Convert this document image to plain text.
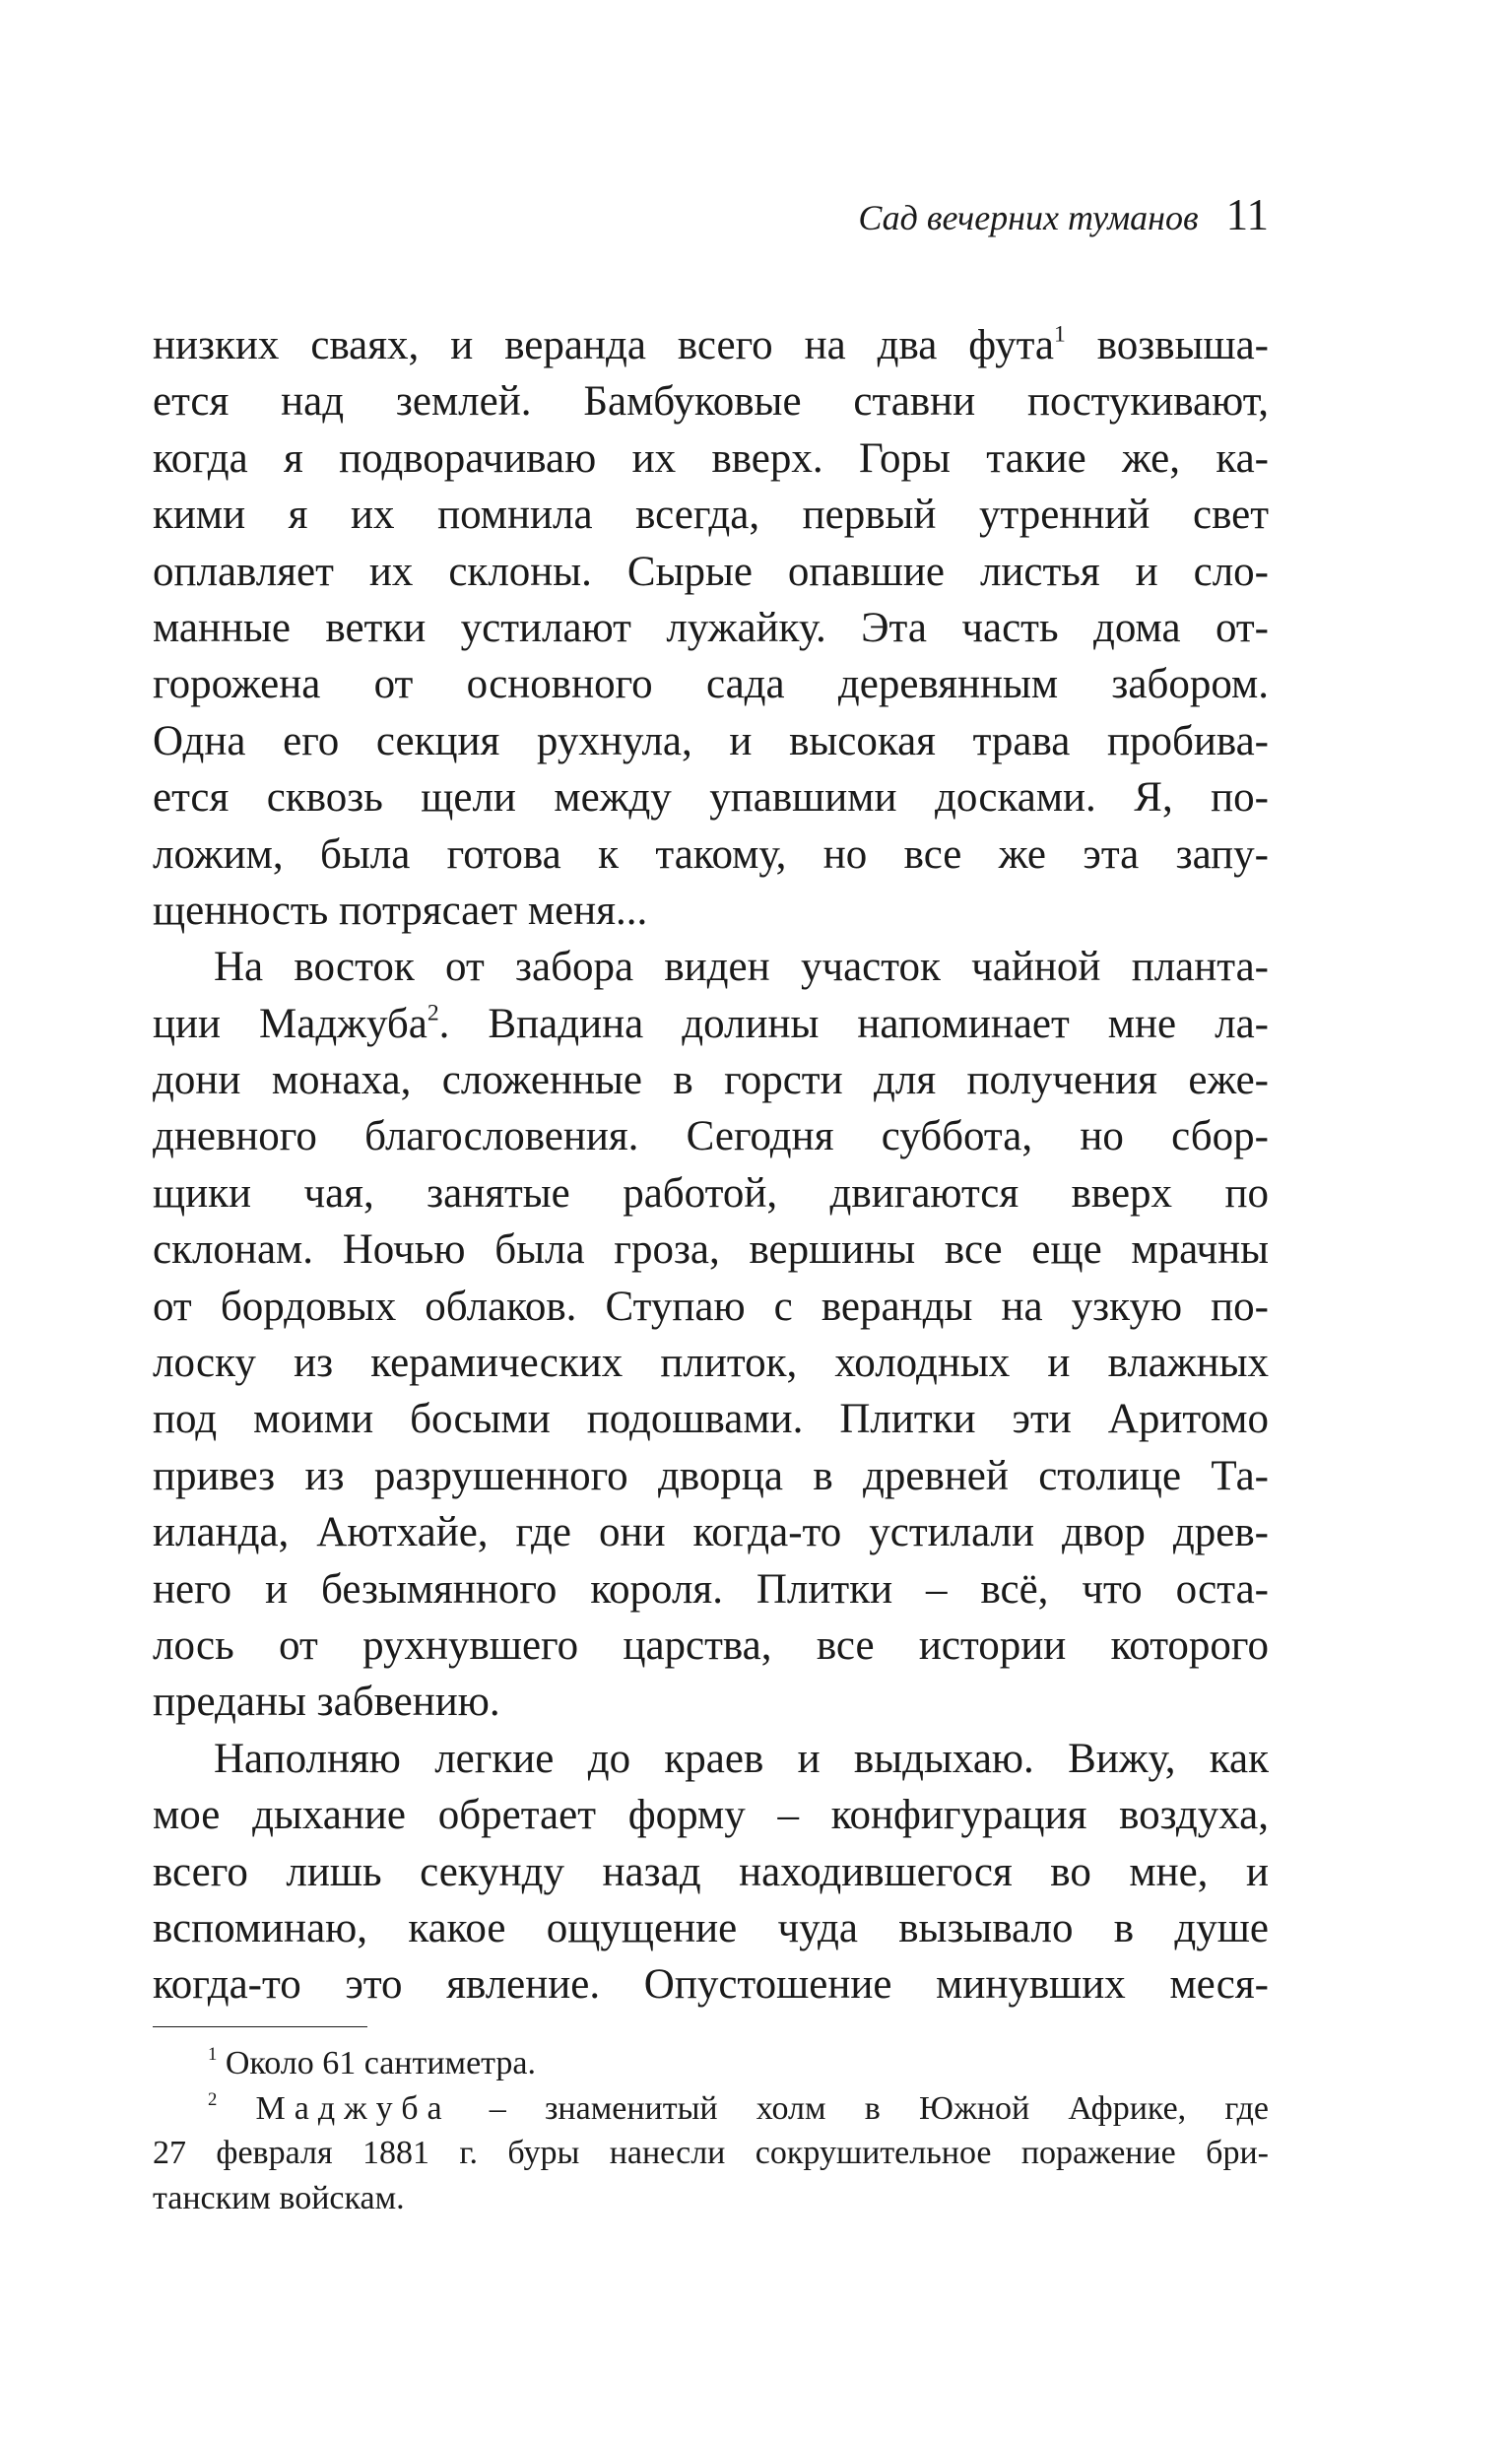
Сад вечерних туманов 11
низких сваях, и веранда всего на два фута$^1$ возвыша-
ется над землей. Бамбуковые ставни постукивают,
когда я подворачиваю их вверх. Горы такие же, ка-
кими я их помнила всегда, первый утренний свет
оплавляет их склоны. Сырые опавшие листья и сло-
манные ветки устилают лужайку. Эта часть дома от-
горожена от основного сада деревянным забором.
Одна его секция рухнула, и высокая трава пробива-
ется сквозь щели между упавшими досками. Я, по-
ложим, была готова к такому, но все же эта запу-
щенность потрясает меня...
На восток от забора виден участок чайной планта-
ции Маджуба$^2$. Впадина долины напоминает мне ла-
дони монаха, сложенные в горсти для получения еже-
дневного благословения. Сегодня суббота, но сбор-
щики чая, занятые работой, двигаются вверх по
склонам. Ночью была гроза, вершины все еще мрачны
от бордовых облаков. Ступаю с веранды на узкую по-
лоску из керамических плиток, холодных и влажных
под моими босыми подошвами. Плитки эти Аритомо
привез из разрушенного дворца в древней столице Та-
иланда, Аютхайе, где они когда-то устилали двор древ-
него и безымянного короля. Плитки – всё, что оста-
лось от рухнувшего царства, все истории которого
преданы забвению.
Наполняю легкие до краев и выдыхаю. Вижу, как
мое дыхание обретает форму – конфигурация воздуха,
всего лишь секунду назад находившегося во мне, и
вспоминаю, какое ощущение чуда вызывало в душе
когда-то это явление. Опустошение минувших меся-
$^1$ Около 61 сантиметра.
$^2$ Маджуба – знаменитый холм в Южной Африке, где
27 февраля 1881 г. буры нанесли сокрушительное поражение бри-
танским войскам.
